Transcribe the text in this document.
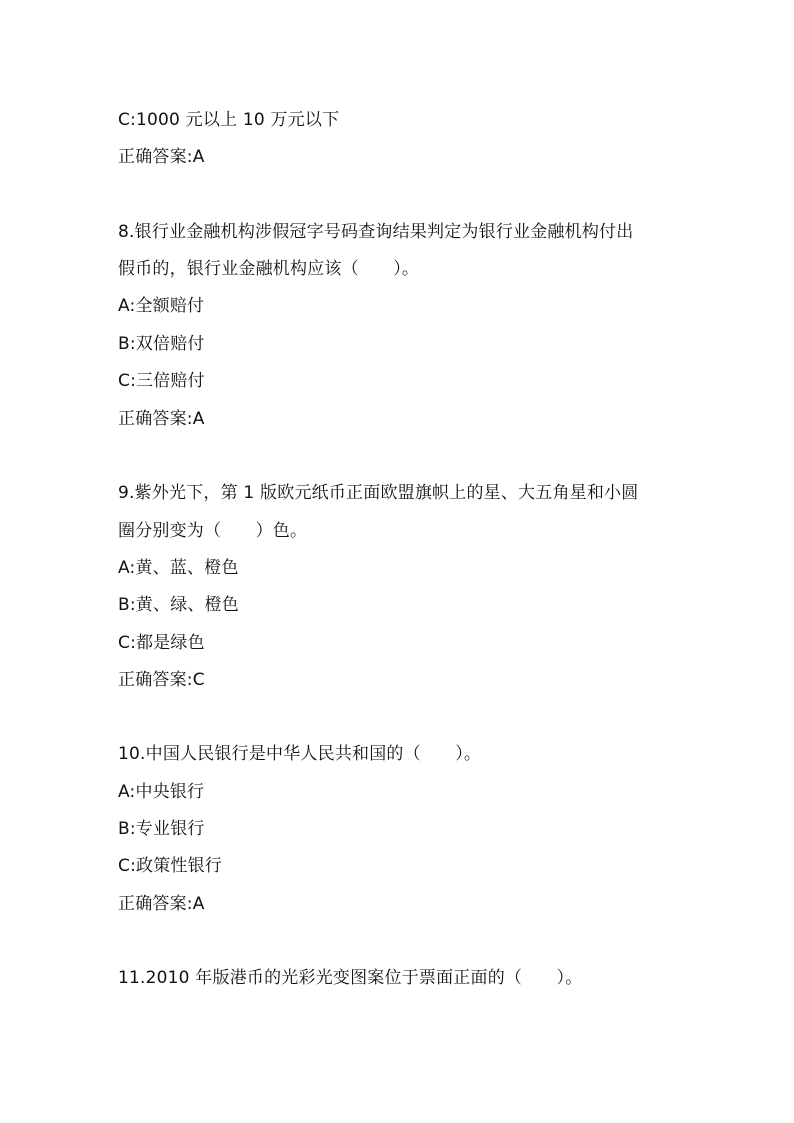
C:1000 元以上 10 万元以下
正确答案:A
8.银行业金融机构涉假冠字号码查询结果判定为银行业金融机构付出
假币的，银行业金融机构应该（　　）。
A:全额赔付
B:双倍赔付
C:三倍赔付
正确答案:A
9.紫外光下，第 1 版欧元纸币正面欧盟旗帜上的星、大五角星和小圆
圈分别变为（　　）色。
A:黄、蓝、橙色
B:黄、绿、橙色
C:都是绿色
正确答案:C
10.中国人民银行是中华人民共和国的（　　）。
A:中央银行
B:专业银行
C:政策性银行
正确答案:A
11.2010 年版港币的光彩光变图案位于票面正面的（　　）。
